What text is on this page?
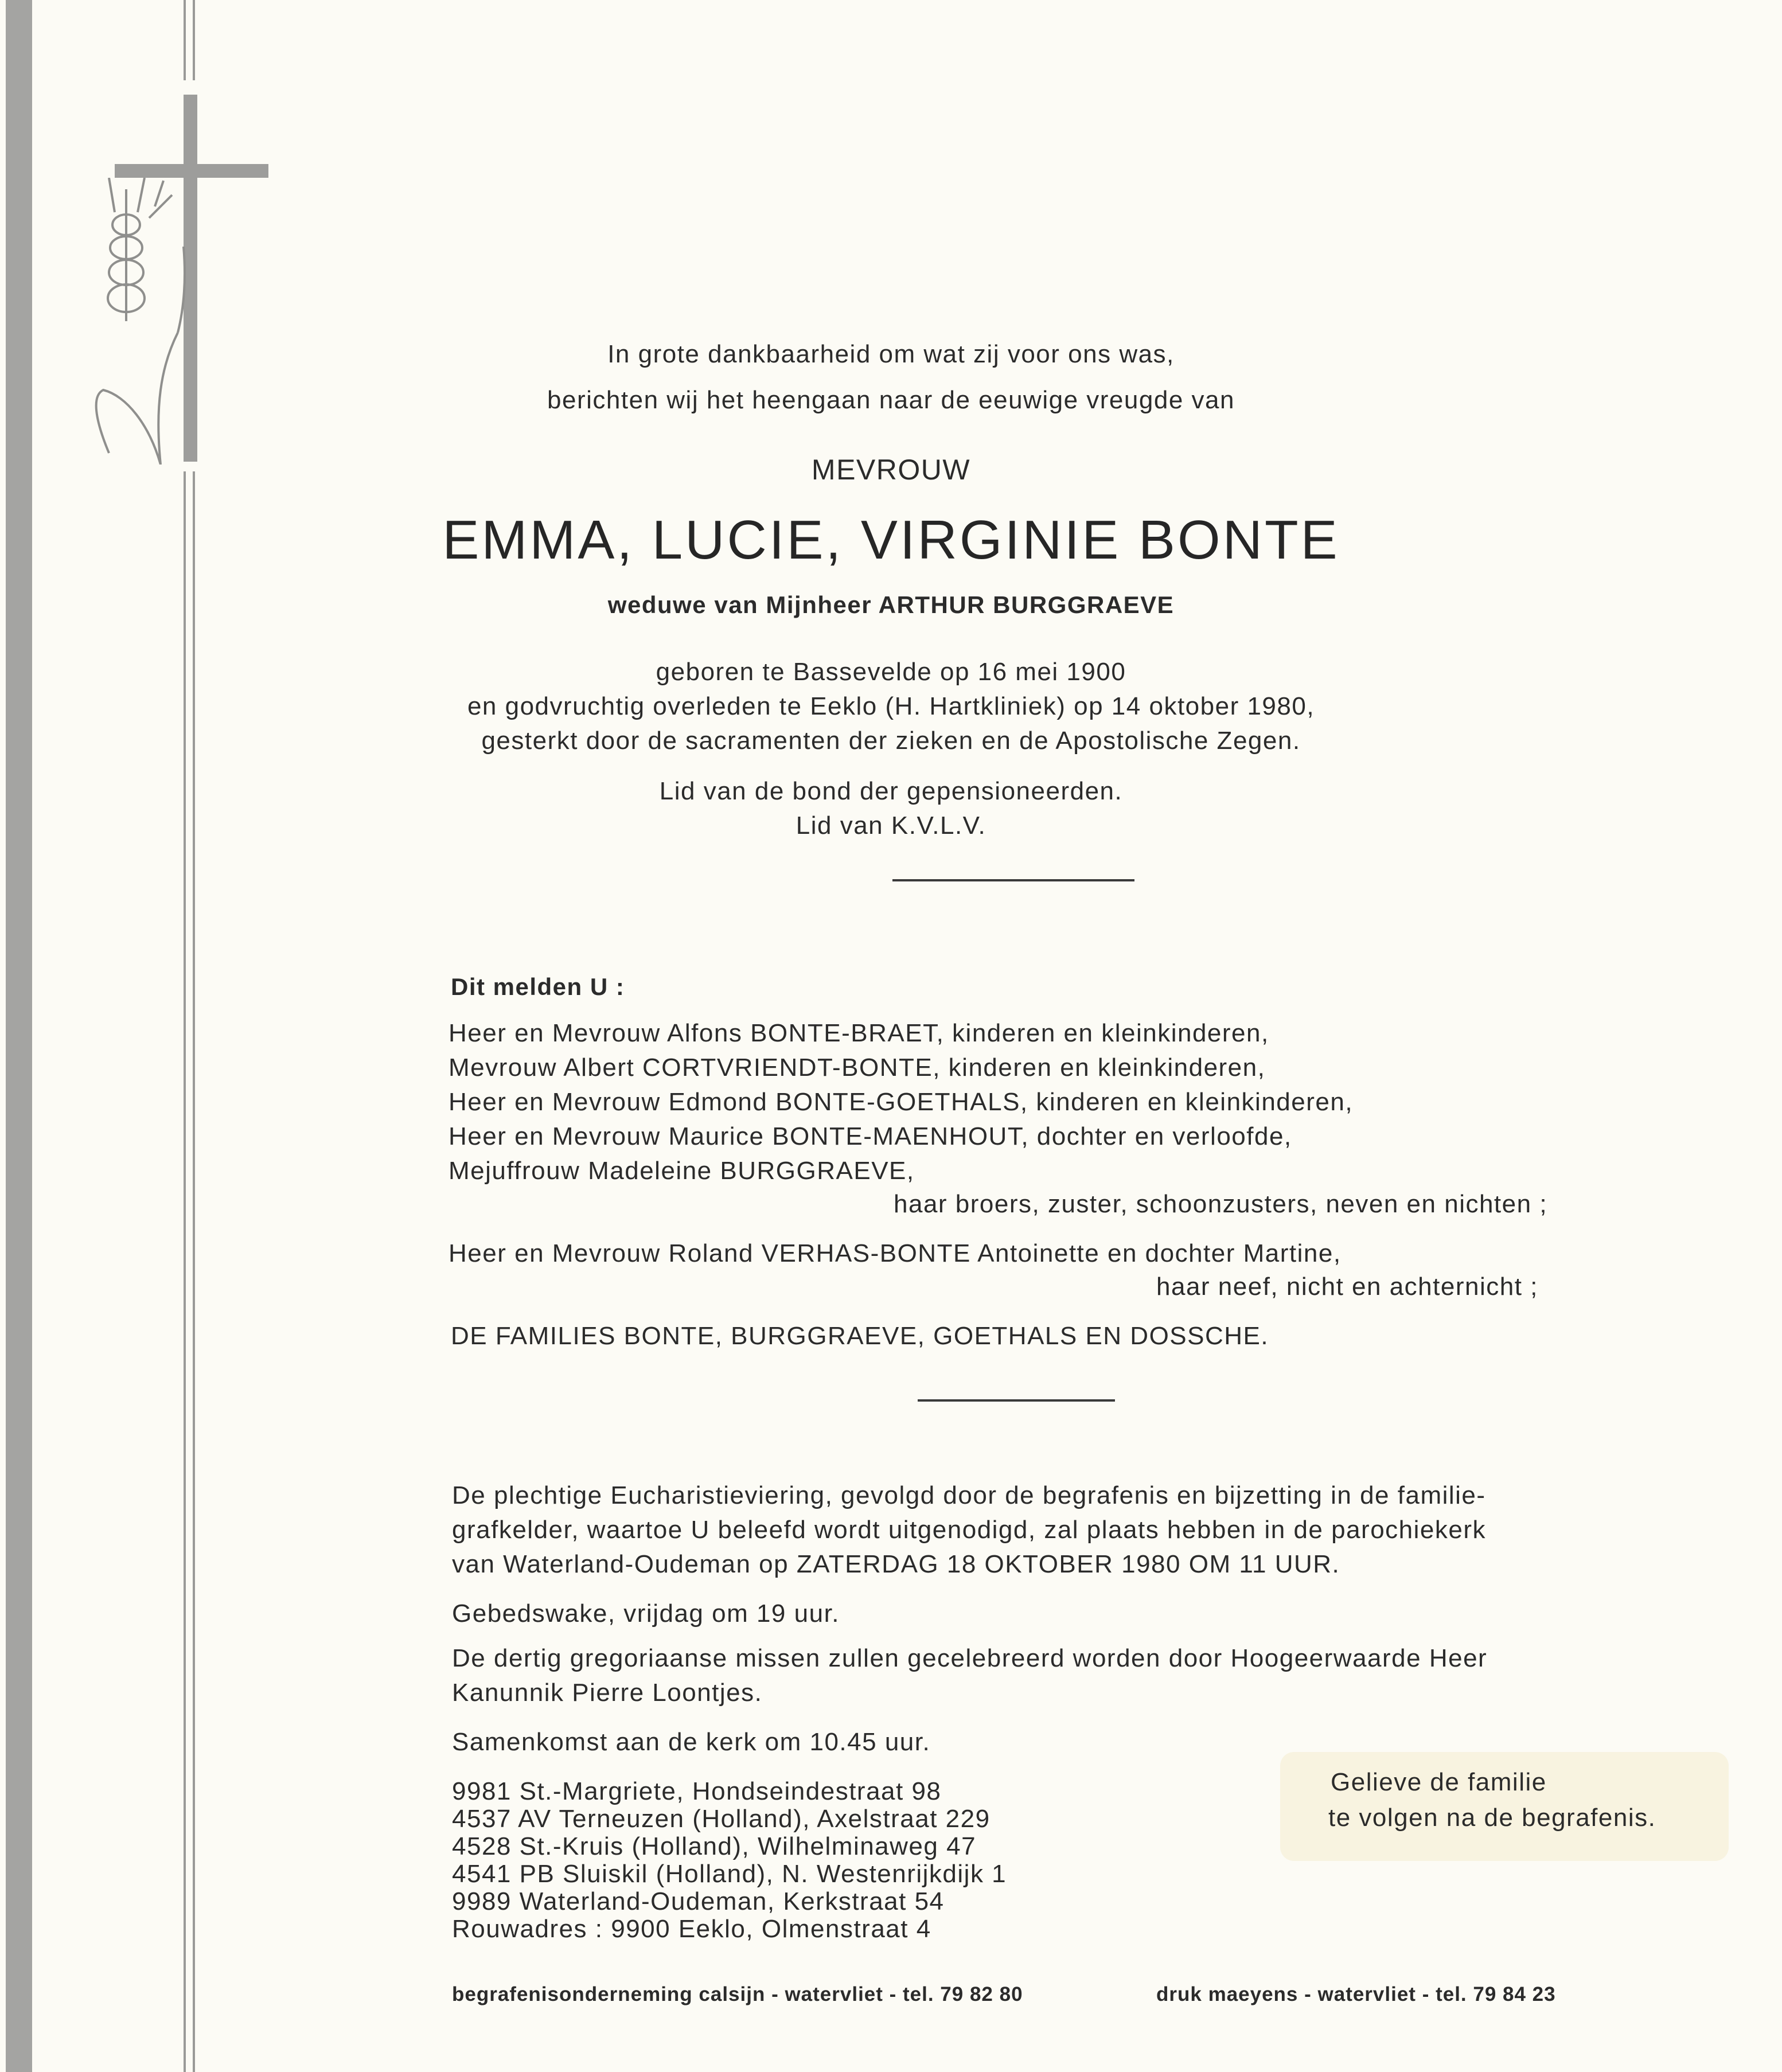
In grote dankbaarheid om wat zij voor ons was,
berichten wij het heengaan naar de eeuwige vreugde van
MEVROUW
EMMA, LUCIE, VIRGINIE BONTE
weduwe van Mijnheer ARTHUR BURGGRAEVE
geboren te Bassevelde op 16 mei 1900
en godvruchtig overleden te Eeklo (H. Hartkliniek) op 14 oktober 1980,
gesterkt door de sacramenten der zieken en de Apostolische Zegen.
Lid van de bond der gepensioneerden.
Lid van K.V.L.V.
Dit melden U :
Heer en Mevrouw Alfons BONTE-BRAET, kinderen en kleinkinderen,
Mevrouw Albert CORTVRIENDT-BONTE, kinderen en kleinkinderen,
Heer en Mevrouw Edmond BONTE-GOETHALS, kinderen en kleinkinderen,
Heer en Mevrouw Maurice BONTE-MAENHOUT, dochter en verloofde,
Mejuffrouw Madeleine BURGGRAEVE,
haar broers, zuster, schoonzusters, neven en nichten ;
Heer en Mevrouw Roland VERHAS-BONTE Antoinette en dochter Martine,
haar neef, nicht en achternicht ;
DE FAMILIES BONTE, BURGGRAEVE, GOETHALS EN DOSSCHE.
De plechtige Eucharistieviering, gevolgd door de begrafenis en bijzetting in de familie-
grafkelder, waartoe U beleefd wordt uitgenodigd, zal plaats hebben in de parochiekerk
van Waterland-Oudeman op ZATERDAG 18 OKTOBER 1980 OM 11 UUR.
Gebedswake, vrijdag om 19 uur.
De dertig gregoriaanse missen zullen gecelebreerd worden door Hoogeerwaarde Heer
Kanunnik Pierre Loontjes.
Samenkomst aan de kerk om 10.45 uur.
9981 St.-Margriete, Hondseindestraat 98
4537 AV Terneuzen (Holland), Axelstraat 229
4528 St.-Kruis (Holland), Wilhelminaweg 47
4541 PB Sluiskil (Holland), N. Westenrijkdijk 1
9989 Waterland-Oudeman, Kerkstraat 54
Rouwadres : 9900 Eeklo, Olmenstraat 4
Gelieve de familie
te volgen na de begrafenis.
begrafenisonderneming calsijn - watervliet - tel. 79 82 80	druk maeyens - watervliet - tel. 79 84 23
